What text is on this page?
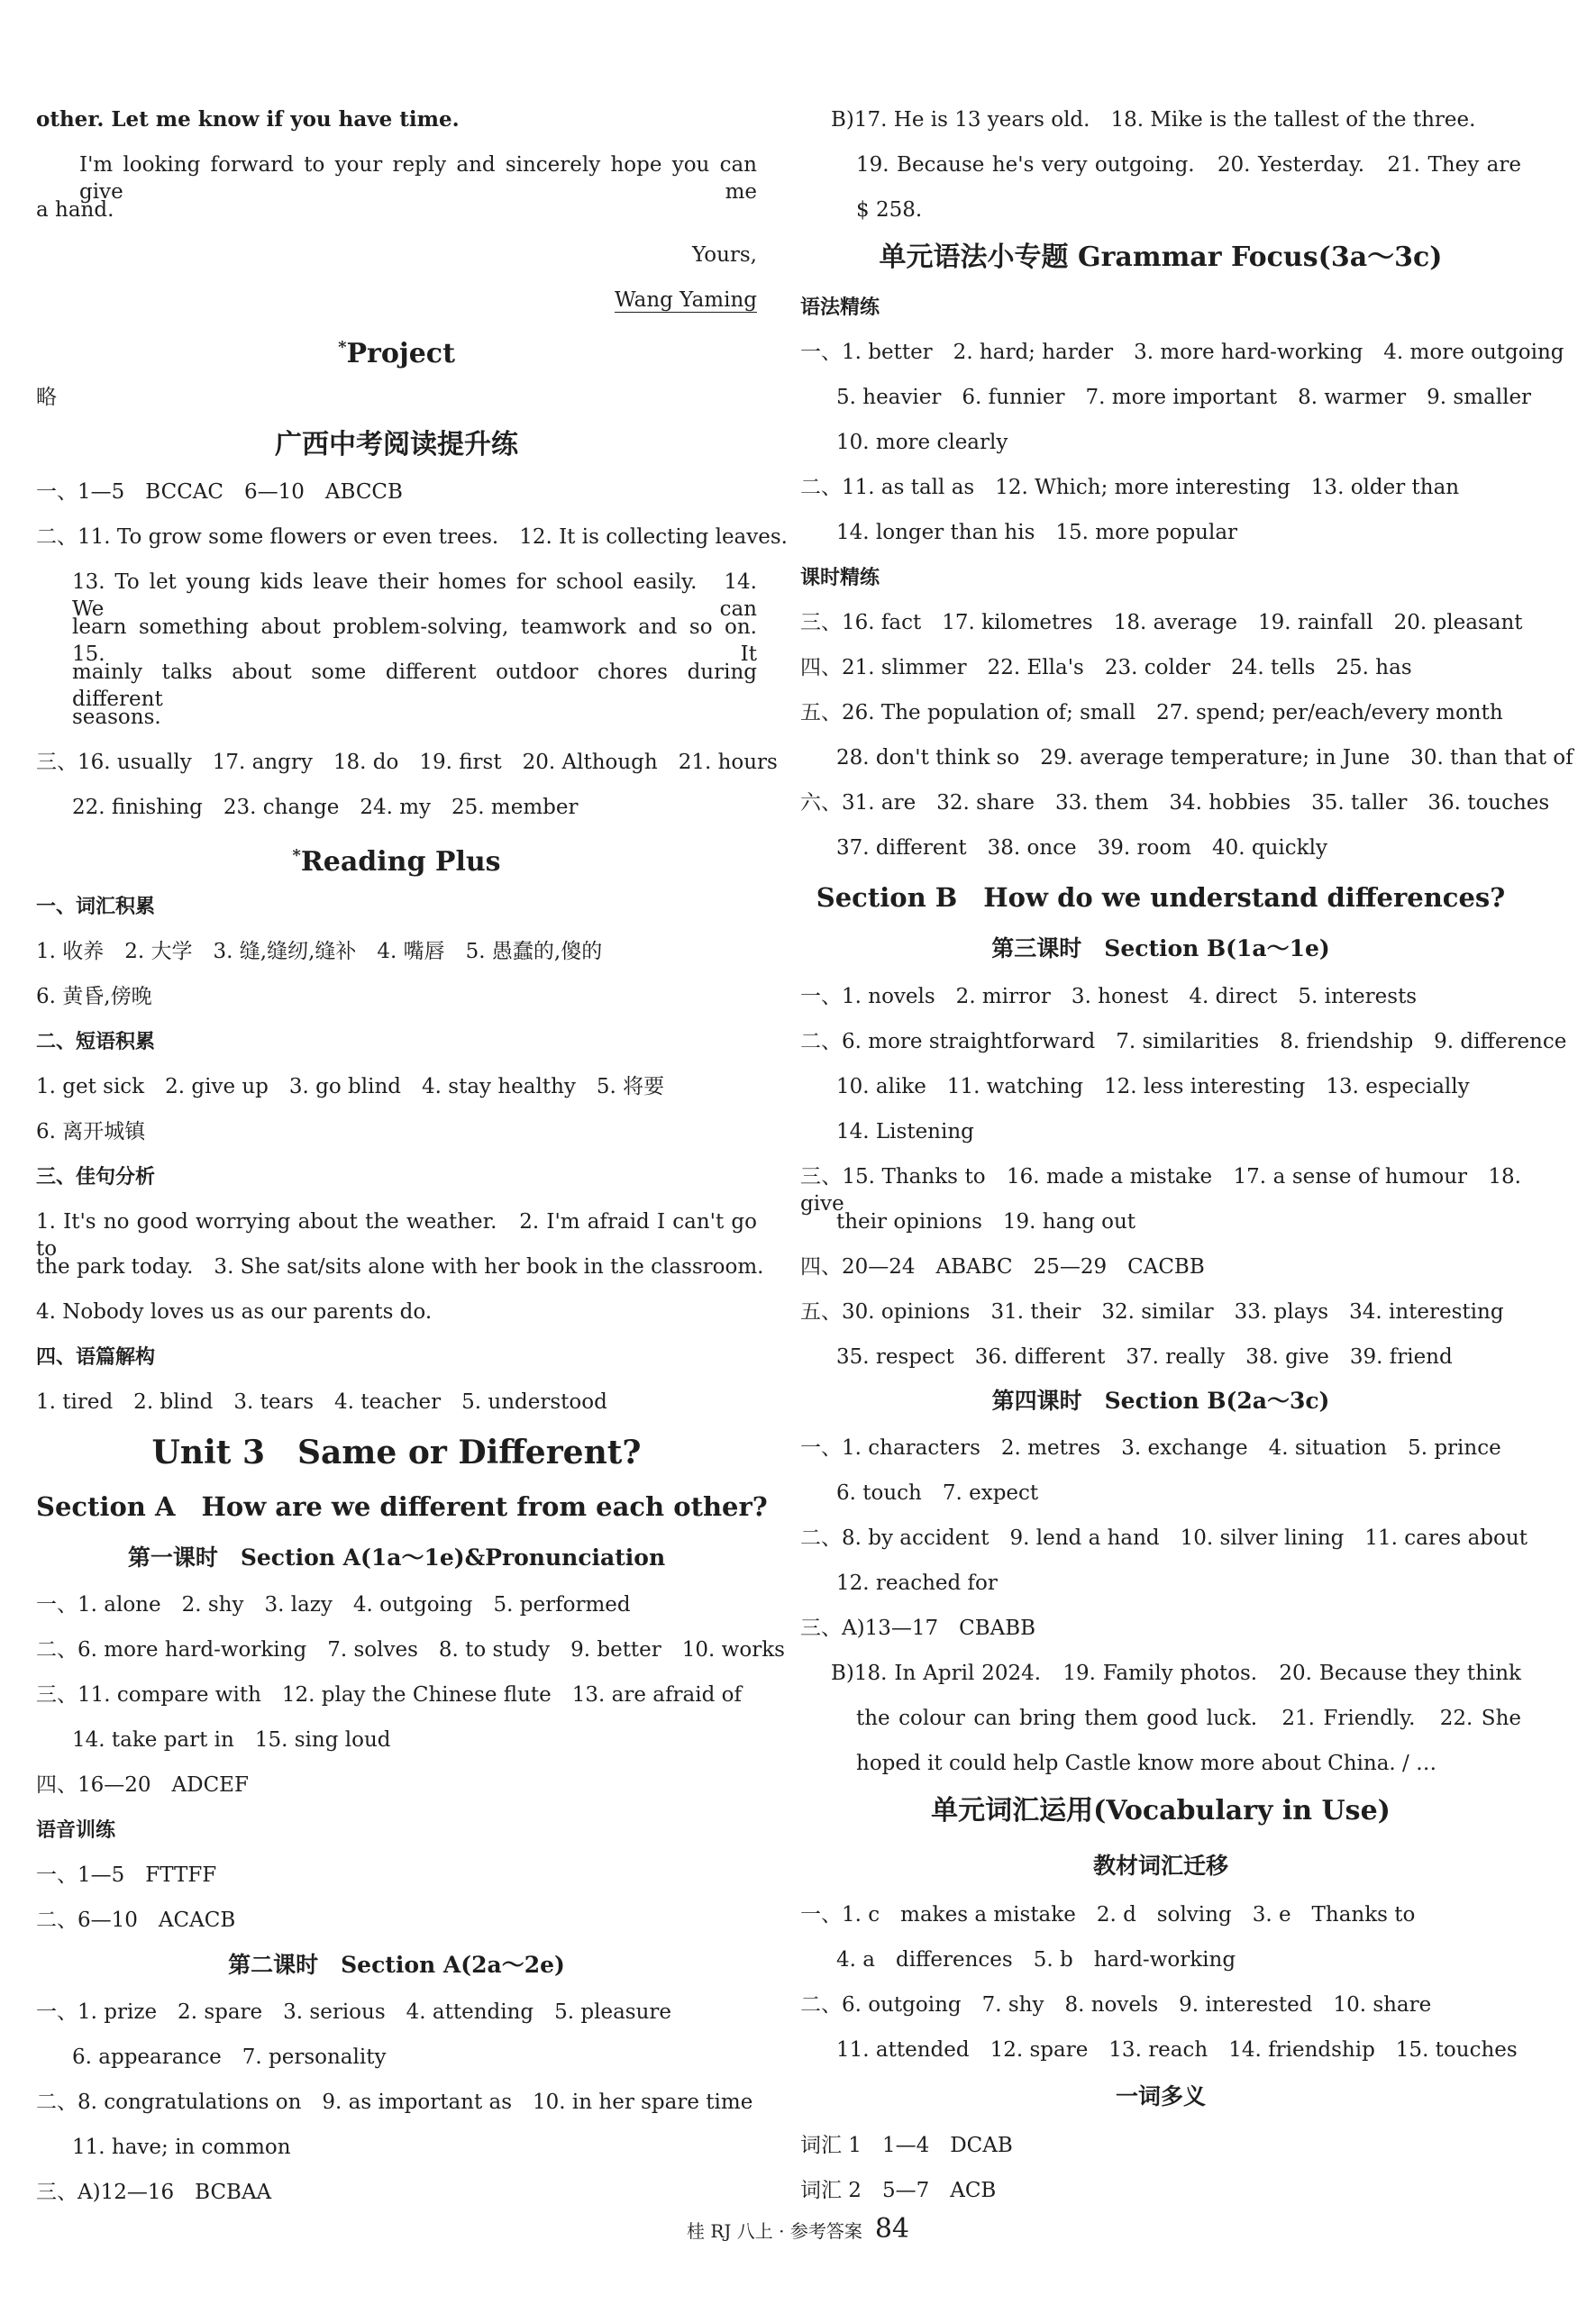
other. Let me know if you have time.
I'm looking forward to your reply and sincerely hope you can give me
a hand.
Yours,
Wang Yaming
*Project
略
广西中考阅读提升练
一、1—5　BCCAC　6—10　ABCCB
二、11. To grow some flowers or even trees.　12. It is collecting leaves.
13. To let young kids leave their homes for school easily.　14. We can
learn something about problem-solving, teamwork and so on.　15. It
mainly talks about some different outdoor chores during different
seasons.
三、16. usually　17. angry　18. do　19. first　20. Although　21. hours
22. finishing　23. change　24. my　25. member
*Reading Plus
一、词汇积累
1. 收养　2. 大学　3. 缝,缝纫,缝补　4. 嘴唇　5. 愚蠢的,傻的
6. 黄昏,傍晚
二、短语积累
1. get sick　2. give up　3. go blind　4. stay healthy　5. 将要
6. 离开城镇
三、佳句分析
1. It's no good worrying about the weather.　2. I'm afraid I can't go to
the park today.　3. She sat/sits alone with her book in the classroom.
4. Nobody loves us as our parents do.
四、语篇解构
1. tired　2. blind　3. tears　4. teacher　5. understood
Unit 3　Same or Different?
Section A　How are we different from each other?
第一课时　Section A(1a～1e)&Pronunciation
一、1. alone　2. shy　3. lazy　4. outgoing　5. performed
二、6. more hard-working　7. solves　8. to study　9. better　10. works
三、11. compare with　12. play the Chinese flute　13. are afraid of
14. take part in　15. sing loud
四、16—20　ADCEF
语音训练
一、1—5　FTTFF
二、6—10　ACACB
第二课时　Section A(2a～2e)
一、1. prize　2. spare　3. serious　4. attending　5. pleasure
6. appearance　7. personality
二、8. congratulations on　9. as important as　10. in her spare time
11. have; in common
三、A)12—16　BCBAA
B)17. He is 13 years old.　18. Mike is the tallest of the three.
19. Because he's very outgoing.　20. Yesterday.　21. They are
$ 258.
单元语法小专题 Grammar Focus(3a～3c)
语法精练
一、1. better　2. hard; harder　3. more hard-working　4. more outgoing
5. heavier　6. funnier　7. more important　8. warmer　9. smaller
10. more clearly
二、11. as tall as　12. Which; more interesting　13. older than
14. longer than his　15. more popular
课时精练
三、16. fact　17. kilometres　18. average　19. rainfall　20. pleasant
四、21. slimmer　22. Ella's　23. colder　24. tells　25. has
五、26. The population of; small　27. spend; per/each/every month
28. don't think so　29. average temperature; in June　30. than that of
六、31. are　32. share　33. them　34. hobbies　35. taller　36. touches
37. different　38. once　39. room　40. quickly
Section B　How do we understand differences?
第三课时　Section B(1a～1e)
一、1. novels　2. mirror　3. honest　4. direct　5. interests
二、6. more straightforward　7. similarities　8. friendship　9. difference
10. alike　11. watching　12. less interesting　13. especially
14. Listening
三、15. Thanks to　16. made a mistake　17. a sense of humour　18. give
their opinions　19. hang out
四、20—24　ABABC　25—29　CACBB
五、30. opinions　31. their　32. similar　33. plays　34. interesting
35. respect　36. different　37. really　38. give　39. friend
第四课时　Section B(2a～3c)
一、1. characters　2. metres　3. exchange　4. situation　5. prince
6. touch　7. expect
二、8. by accident　9. lend a hand　10. silver lining　11. cares about
12. reached for
三、A)13—17　CBABB
B)18. In April 2024.　19. Family photos.　20. Because they think
the colour can bring them good luck.　21. Friendly.　22. She
hoped it could help Castle know more about China. / …
单元词汇运用(Vocabulary in Use)
教材词汇迁移
一、1. c　makes a mistake　2. d　solving　3. e　Thanks to
4. a　differences　5. b　hard-working
二、6. outgoing　7. shy　8. novels　9. interested　10. share
11. attended　12. spare　13. reach　14. friendship　15. touches
一词多义
词汇 1　1—4　DCAB
词汇 2　5—7　ACB
桂 RJ 八上 · 参考答案 84
